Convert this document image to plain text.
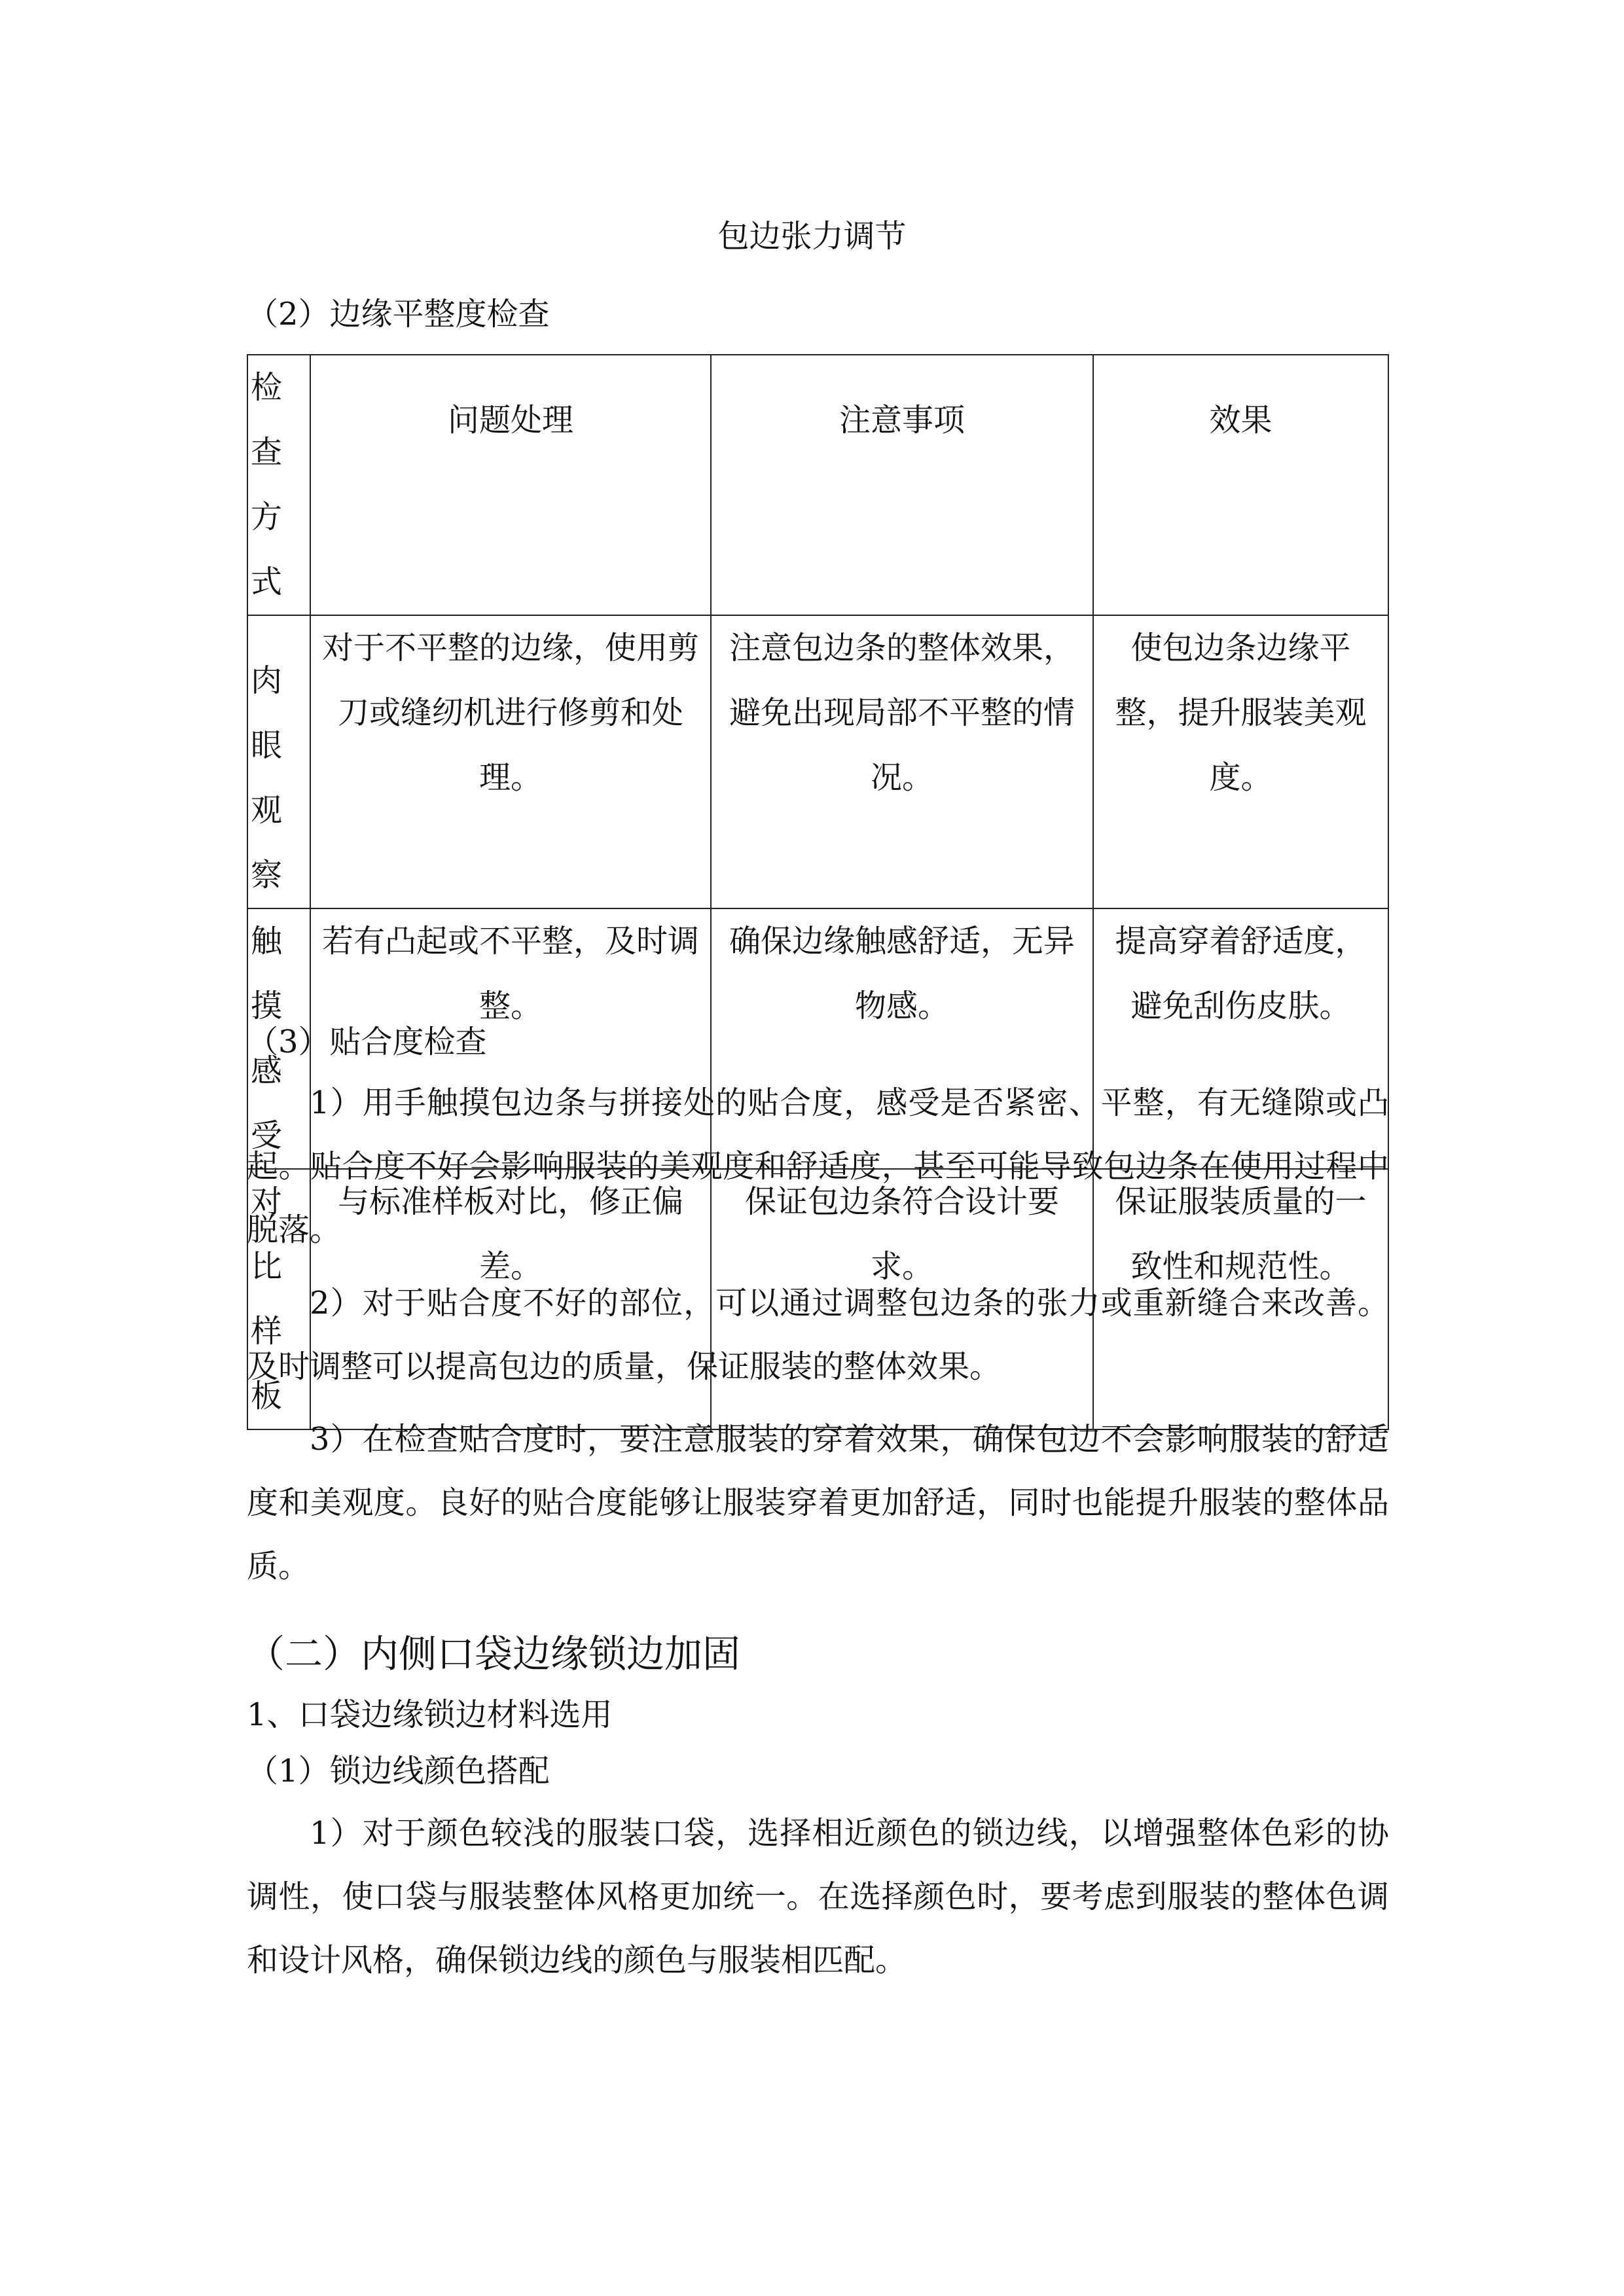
包边张力调节
（2）边缘平整度检查
检查方式	问题处理	注意事项	效果
肉眼观察	对于不平整的边缘，使用剪刀或缝纫机进行修剪和处理。	注意包边条的整体效果，避免出现局部不平整的情况。	使包边条边缘平整，提升服装美观度。
触摸感受	若有凸起或不平整，及时调整。	确保边缘触感舒适，无异物感。	提高穿着舒适度，避免刮伤皮肤。
对比样板	与标准样板对比，修正偏差。	保证包边条符合设计要求。	保证服装质量的一致性和规范性。
（3）贴合度检查
1）用手触摸包边条与拼接处的贴合度，感受是否紧密、平整，有无缝隙或凸起。贴合度不好会影响服装的美观度和舒适度，甚至可能导致包边条在使用过程中脱落。
2）对于贴合度不好的部位，可以通过调整包边条的张力或重新缝合来改善。及时调整可以提高包边的质量，保证服装的整体效果。
3）在检查贴合度时，要注意服装的穿着效果，确保包边不会影响服装的舒适度和美观度。良好的贴合度能够让服装穿着更加舒适，同时也能提升服装的整体品质。
（二）内侧口袋边缘锁边加固
1、口袋边缘锁边材料选用
（1）锁边线颜色搭配
1）对于颜色较浅的服装口袋，选择相近颜色的锁边线，以增强整体色彩的协调性，使口袋与服装整体风格更加统一。在选择颜色时，要考虑到服装的整体色调和设计风格，确保锁边线的颜色与服装相匹配。
